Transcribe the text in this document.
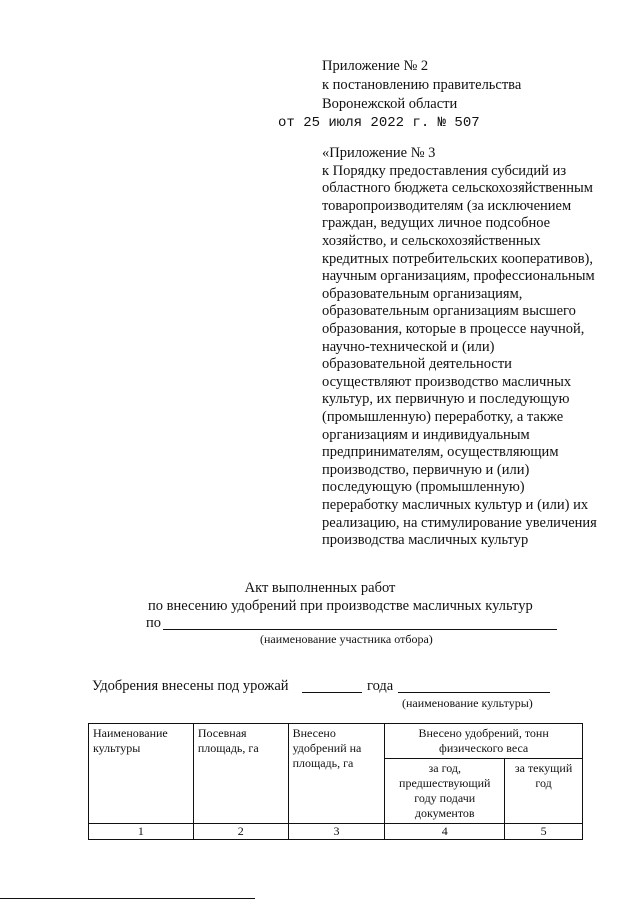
Приложение № 2
к постановлению правительства
Воронежской области
от 25 июля 2022 г. № 507
«Приложение № 3
к Порядку предоставления субсидий из
областного бюджета сельскохозяйственным
товаропроизводителям (за исключением
граждан, ведущих личное подсобное
хозяйство, и сельскохозяйственных
кредитных потребительских кооперативов),
научным организациям, профессиональным
образовательным организациям,
образовательным организациям высшего
образования, которые в процессе научной,
научно-технической и (или)
образовательной деятельности
осуществляют производство масличных
культур, их первичную и последующую
(промышленную) переработку, а также
организациям и индивидуальным
предпринимателям, осуществляющим
производство, первичную и (или)
последующую (промышленную)
переработку масличных культур и (или) их
реализацию, на стимулирование увеличения
производства масличных культур
Акт выполненных работ
по внесению удобрений при производстве масличных культур
по
(наименование участника отбора)
Удобрения внесены под урожай	года
(наименование культуры)
Наименование культуры	Посевная площадь, га	Внесено удобрений на площадь, га	Внесено удобрений, тонн физического веса	
			за год, предшествующий году подачи документов	за текущий год
1	2	3	4	5
